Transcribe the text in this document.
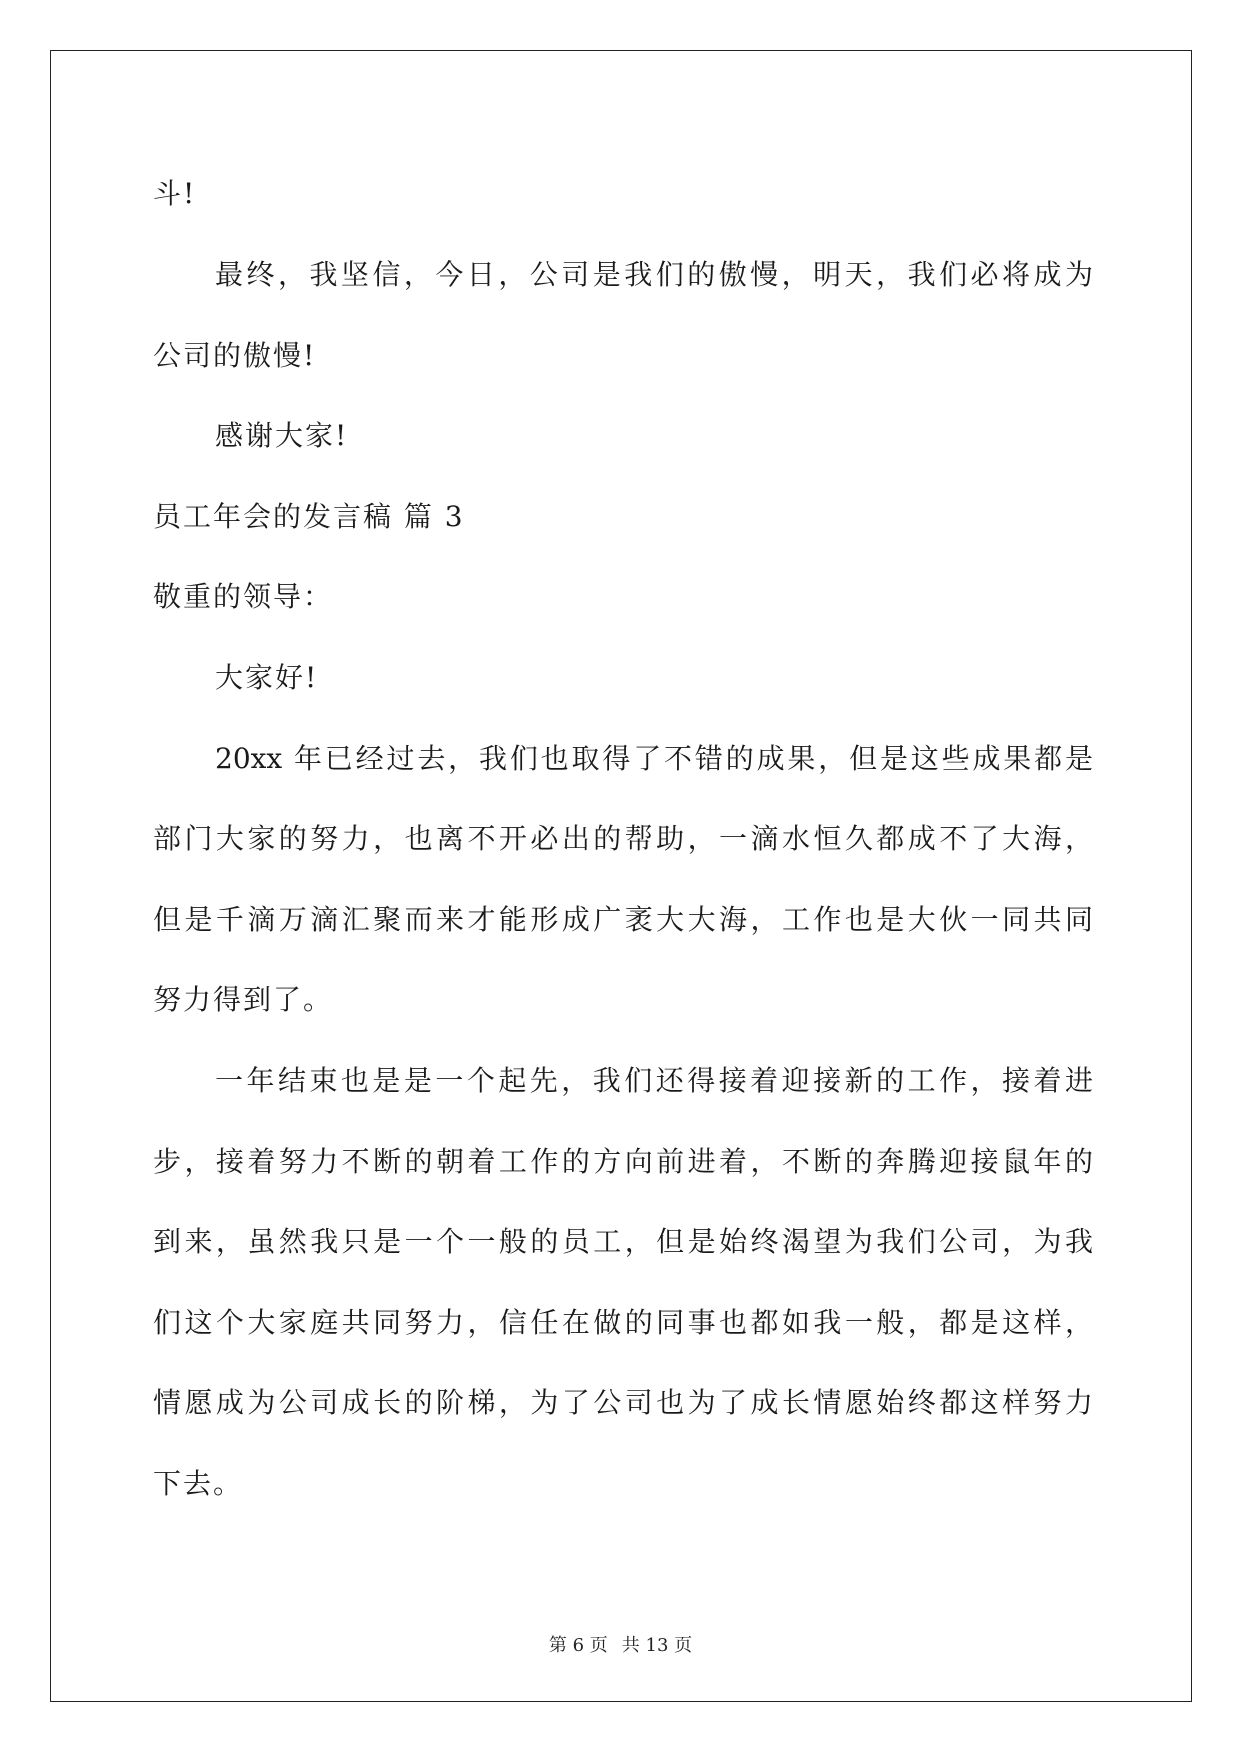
斗!
最终，我坚信，今日，公司是我们的傲慢，明天，我们必将成为
公司的傲慢!
感谢大家!
员工年会的发言稿 篇 3
敬重的领导：
大家好!
20xx 年已经过去，我们也取得了不错的成果，但是这些成果都是
部门大家的努力，也离不开必出的帮助，一滴水恒久都成不了大海，
但是千滴万滴汇聚而来才能形成广袤大大海，工作也是大伙一同共同
努力得到了。
一年结束也是是一个起先，我们还得接着迎接新的工作，接着进
步，接着努力不断的朝着工作的方向前进着，不断的奔腾迎接鼠年的
到来，虽然我只是一个一般的员工，但是始终渴望为我们公司，为我
们这个大家庭共同努力，信任在做的同事也都如我一般，都是这样，
情愿成为公司成长的阶梯，为了公司也为了成长情愿始终都这样努力
下去。
第 6 页 共 13 页
